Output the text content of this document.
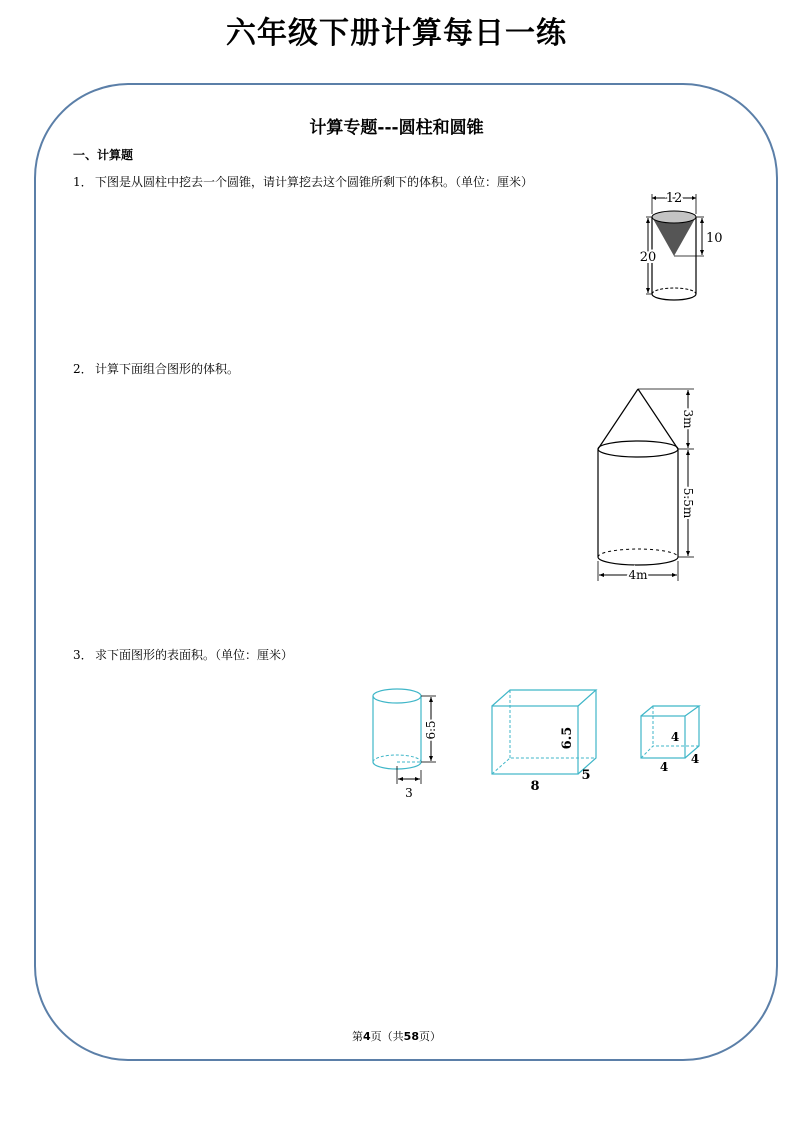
六年级下册计算每日一练
计算专题---圆柱和圆锥
一、计算题
1． 下图是从圆柱中挖去一个圆锥，请计算挖去这个圆锥所剩下的体积。（单位：厘米）
12
10
20
2． 计算下面组合图形的体积。
3m
5.5m
4m
3． 求下面图形的表面积。（单位：厘米）
6.5
3
6.5
8
5
4
4
4
第4页（共58页）
